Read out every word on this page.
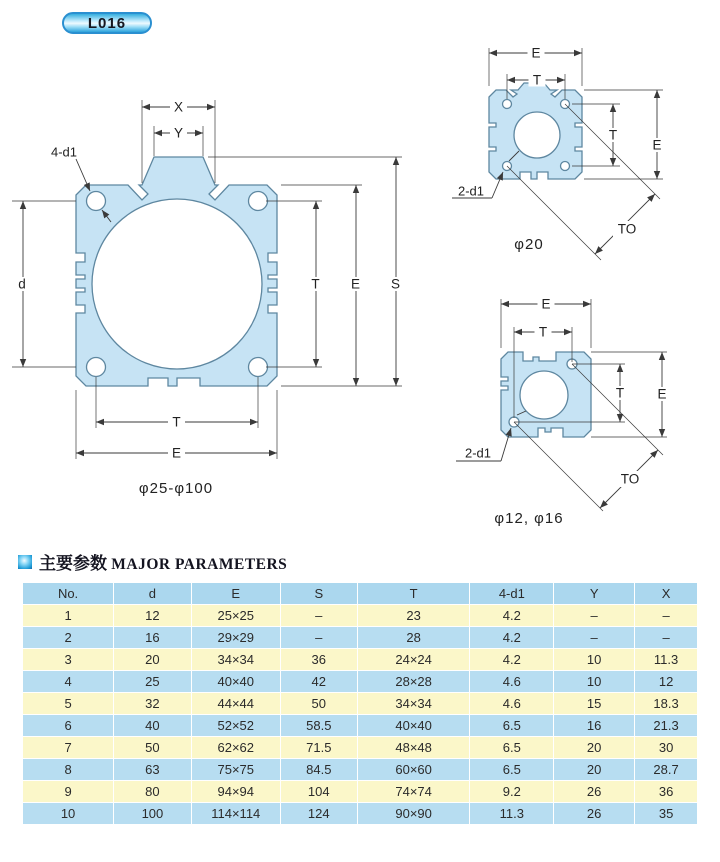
L016
X
Y
d	T E S
T
E
4-d1
φ25-φ100
E
T
T
E
TO
2-d1
φ20
E
T
T E
TO
2-d1
φ12, φ16
主要参数 MAJOR PARAMETERS
No.	d	E	S	T	4-d1	Y	X
1	12	25×25	–	23	4.2	–	–
2	16	29×29	–	28	4.2	–	–
3	20	34×34	36	24×24	4.2	10	11.3
4	25	40×40	42	28×28	4.6	10	12
5	32	44×44	50	34×34	4.6	15	18.3
6	40	52×52	58.5	40×40	6.5	16	21.3
7	50	62×62	71.5	48×48	6.5	20	30
8	63	75×75	84.5	60×60	6.5	20	28.7
9	80	94×94	104	74×74	9.2	26	36
10	100	114×114	124	90×90	11.3	26	35
